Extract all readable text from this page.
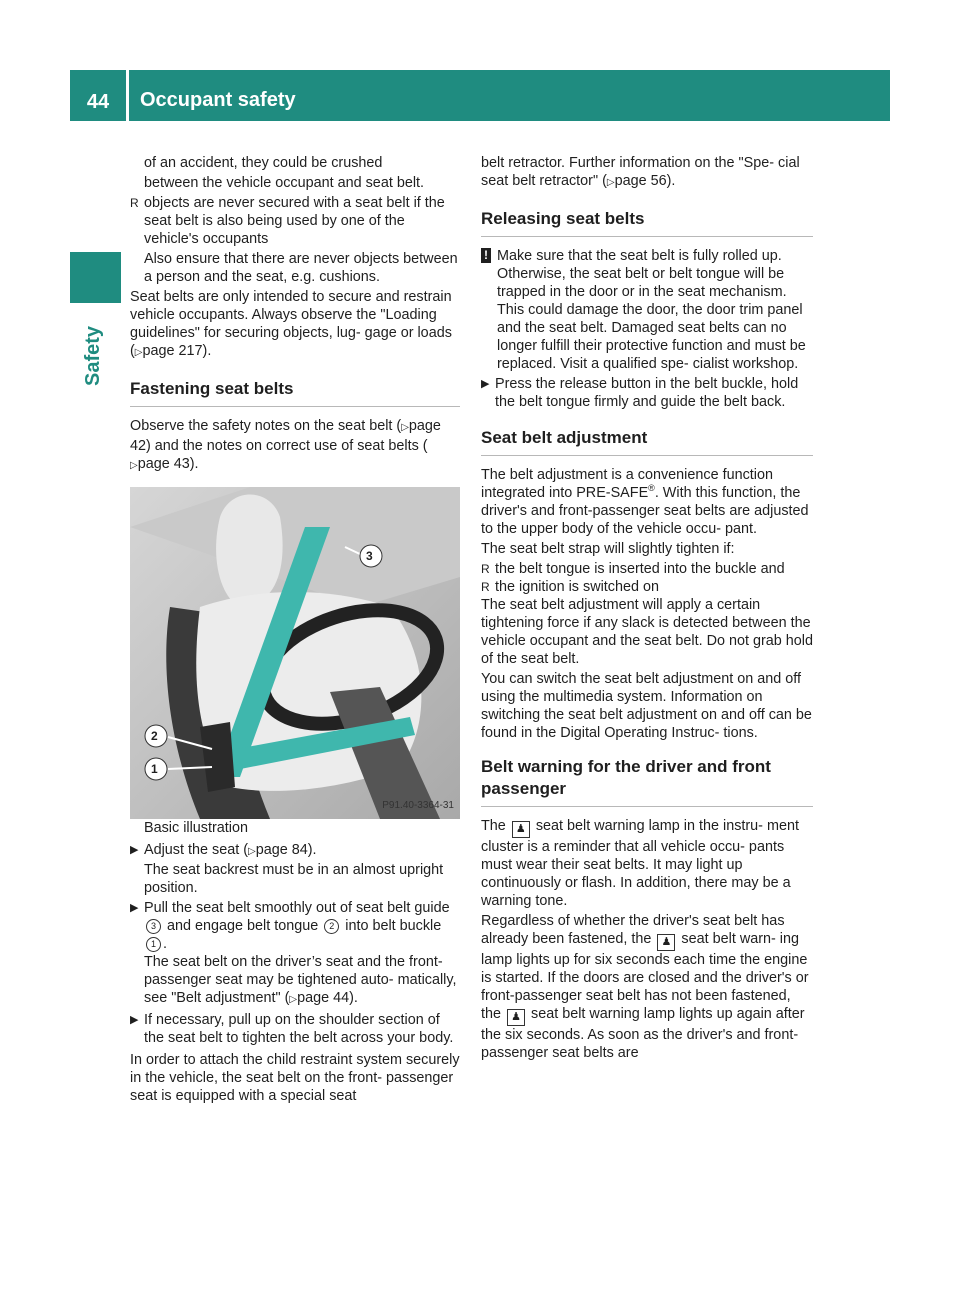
44	Occupant safety
Safety

of an accident, they could be crushed

between the vehicle occupant and seat belt.

R objects are never secured with a seat belt if the seat belt is also being used by one of the vehicle's occupants

Also ensure that there are never objects between a person and the seat, e.g. cushions.

Seat belts are only intended to secure and restrain vehicle occupants. Always observe the "Loading guidelines" for securing objects, lug- gage or loads (▷page 217).

Fastening seat belts

Observe the safety notes on the seat belt (▷page 42) and the notes on correct use of seat belts ( ▷page 43).

3
2
1
P91.40-3364-31

Basic illustration

▶ Adjust the seat (▷page 84).
The seat backrest must be in an almost upright position.
▶ Pull the seat belt smoothly out of seat belt guide 3 and engage belt tongue 2 into belt buckle 1 .
The seat belt on the driver’s seat and the front-passenger seat may be tightened auto- matically, see "Belt adjustment" (▷page 44).
▶ If necessary, pull up on the shoulder section of the seat belt to tighten the belt across your body.

In order to attach the child restraint system securely in the vehicle, the seat belt on the front- passenger seat is equipped with a special seat

belt retractor. Further information on the "Spe- cial seat belt retractor" (▷page 56).

Releasing seat belts
! Make sure that the seat belt is fully rolled up. Otherwise, the seat belt or belt tongue will be trapped in the door or in the seat mechanism. This could damage the door, the door trim panel and the seat belt. Damaged seat belts can no longer fulfill their protective function and must be replaced. Visit a qualified spe- cialist workshop.
▶ Press the release button in the belt buckle, hold the belt tongue firmly and guide the belt back.
Seat belt adjustment

The belt adjustment is a convenience function integrated into PRE-SAFE®. With this function, the driver's and front-passenger seat belts are adjusted to the upper body of the vehicle occu- pant.

The seat belt strap will slightly tighten if:

R the belt tongue is inserted into the buckle and
R the ignition is switched on

The seat belt adjustment will apply a certain tightening force if any slack is detected between the vehicle occupant and the seat belt. Do not grab hold of the seat belt.

You can switch the seat belt adjustment on and off using the multimedia system. Information on switching the seat belt adjustment on and off can be found in the Digital Operating Instruc- tions.

Belt warning for the driver and front passenger

The ♟ seat belt warning lamp in the instru- ment cluster is a reminder that all vehicle occu- pants must wear their seat belts. It may light up continuously or flash. In addition, there may be a warning tone.

Regardless of whether the driver's seat belt has already been fastened, the ♟ seat belt warn- ing lamp lights up for six seconds each time the engine is started. If the doors are closed and the driver's or front-passenger seat belt has not been fastened, the ♟ seat belt warning lamp lights up again after the six seconds. As soon as the driver's and front-passenger seat belts are
